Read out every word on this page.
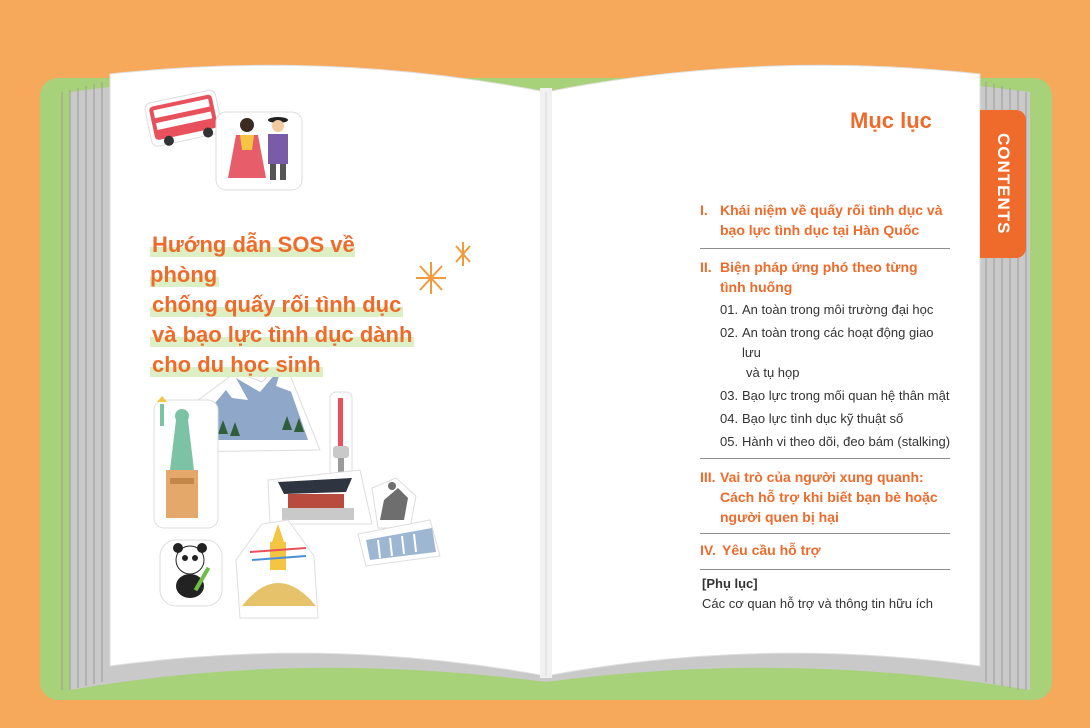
Hướng dẫn SOS về phòng
chống quấy rối tình dục
và bạo lực tình dục dành
cho du học sinh
Mục lục
CONTENTS
I. Khái niệm về quấy rối tình dục và
bạo lực tình dục tại Hàn Quốc
II. Biện pháp ứng phó theo từng
tình huống
01. An toàn trong môi trường đại học
02. An toàn trong các hoạt động giao lưu
và tụ họp
03. Bạo lực trong mối quan hệ thân mật
04. Bạo lực tình dục kỹ thuật số
05. Hành vi theo dõi, đeo bám (stalking)
III. Vai trò của người xung quanh:
Cách hỗ trợ khi biết bạn bè hoặc
người quen bị hại
IV. Yêu cầu hỗ trợ
[Phụ lục]
Các cơ quan hỗ trợ và thông tin hữu ích
